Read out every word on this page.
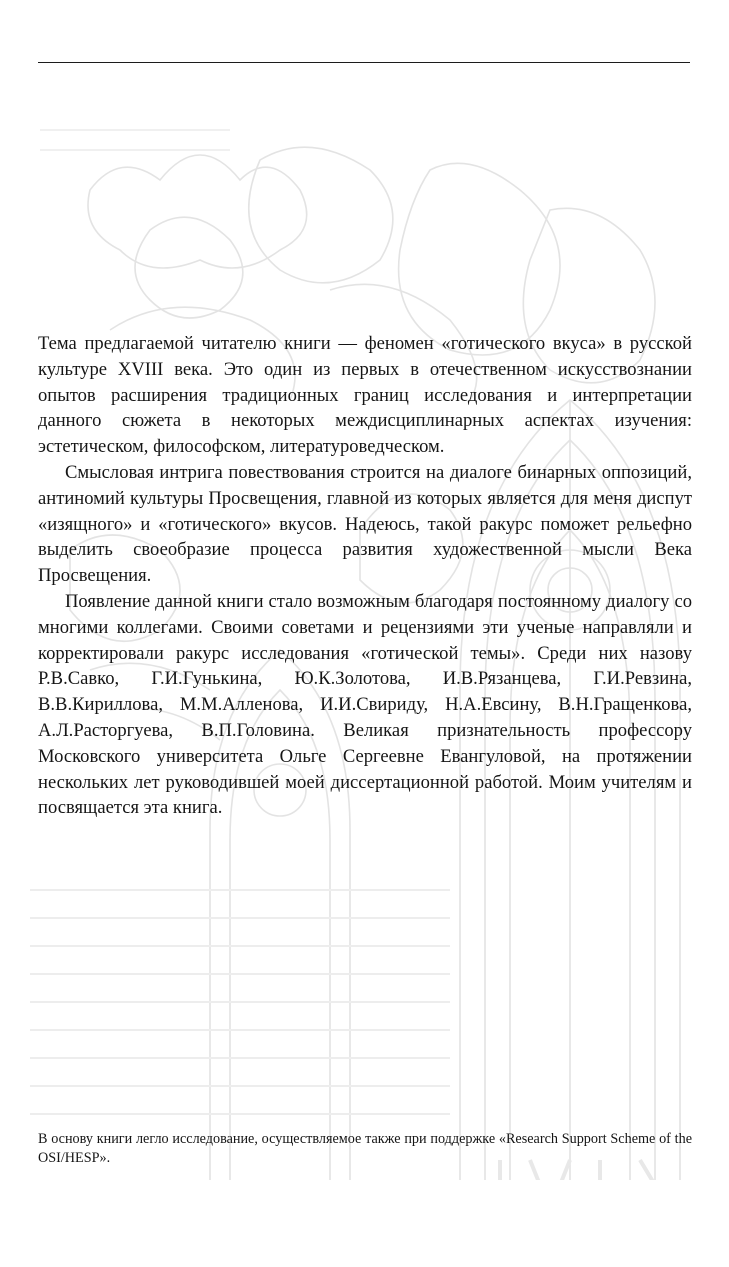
Тема предлагаемой читателю книги — феномен «готического вкуса» в русской культуре XVIII века. Это один из первых в отечественном искусствознании опытов расширения традиционных границ исследования и интерпретации данного сюжета в некоторых междисциплинарных аспектах изучения: эстетическом, философском, литературоведческом.

Смысловая интрига повествования строится на диалоге бинарных оппозиций, антиномий культуры Просвещения, главной из которых является для меня диспут «изящного» и «готического» вкусов. Надеюсь, такой ракурс поможет рельефно выделить своеобразие процесса развития художественной мысли Века Просвещения.

Появление данной книги стало возможным благодаря постоянному диалогу со многими коллегами. Своими советами и рецензиями эти ученые направляли и корректировали ракурс исследования «готической темы». Среди них назову Р.В.Савко, Г.И.Гунькина, Ю.К.Золотова, И.В.Рязанцева, Г.И.Ревзина, В.В.Кириллова, М.М.Алленова, И.И.Свириду, Н.А.Евсину, В.Н.Гращенкова, А.Л.Расторгуева, В.П.Головина. Великая признательность профессору Московского университета Ольге Сергеевне Евангуловой, на протяжении нескольких лет руководившей моей диссертационной работой. Моим учителям и посвящается эта книга.

В основу книги легло исследование, осуществляемое также при поддержке «Research Support Scheme of the OSI/HESP».
